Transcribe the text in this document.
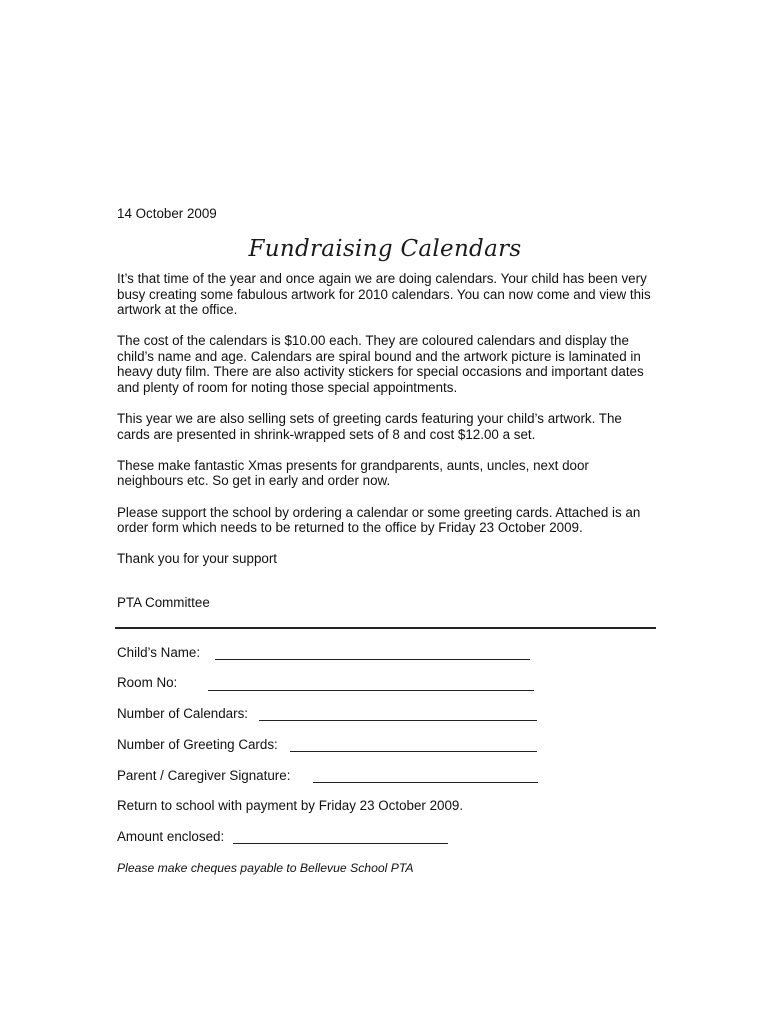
14 October 2009
Fundraising Calendars

It’s that time of the year and once again we are doing calendars. Your child has been very busy creating some fabulous artwork for 2010 calendars. You can now come and view this artwork at the office.

The cost of the calendars is $10.00 each. They are coloured calendars and display the child’s name and age. Calendars are spiral bound and the artwork picture is laminated in heavy duty film. There are also activity stickers for special occasions and important dates and plenty of room for noting those special appointments.

This year we are also selling sets of greeting cards featuring your child’s artwork. The cards are presented in shrink-wrapped sets of 8 and cost $12.00 a set.

These make fantastic Xmas presents for grandparents, aunts, uncles, next door neighbours etc. So get in early and order now.

Please support the school by ordering a calendar or some greeting cards. Attached is an order form which needs to be returned to the office by Friday 23 October 2009.

Thank you for your support

PTA Committee
Child’s Name:
Room No:
Number of Calendars:
Number of Greeting Cards:
Parent / Caregiver Signature:
Return to school with payment by Friday 23 October 2009.
Amount enclosed:
Please make cheques payable to Bellevue School PTA
